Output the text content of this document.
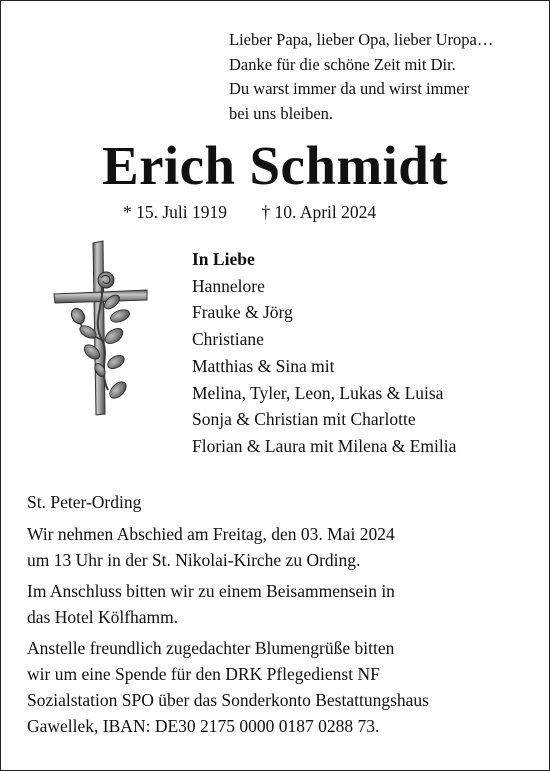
Lieber Papa, lieber Opa, lieber Uropa…
Danke für die schöne Zeit mit Dir.
Du warst immer da und wirst immer
bei uns bleiben.
Erich Schmidt
* 15. Juli 1919 † 10. April 2024
In Liebe
Hannelore
Frauke & Jörg
Christiane
Matthias & Sina mit
Melina, Tyler, Leon, Lukas & Luisa
Sonja & Christian mit Charlotte
Florian & Laura mit Milena & Emilia

St. Peter-Ording

Wir nehmen Abschied am Freitag, den 03. Mai 2024

um 13 Uhr in der St. Nikolai-Kirche zu Ording.

Im Anschluss bitten wir zu einem Beisammensein in

das Hotel Kölfhamm.

Anstelle freundlich zugedachter Blumengrüße bitten

wir um eine Spende für den DRK Pflegedienst NF

Sozialstation SPO über das Sonderkonto Bestattungshaus

Gawellek, IBAN: DE30 2175 0000 0187 0288 73.
